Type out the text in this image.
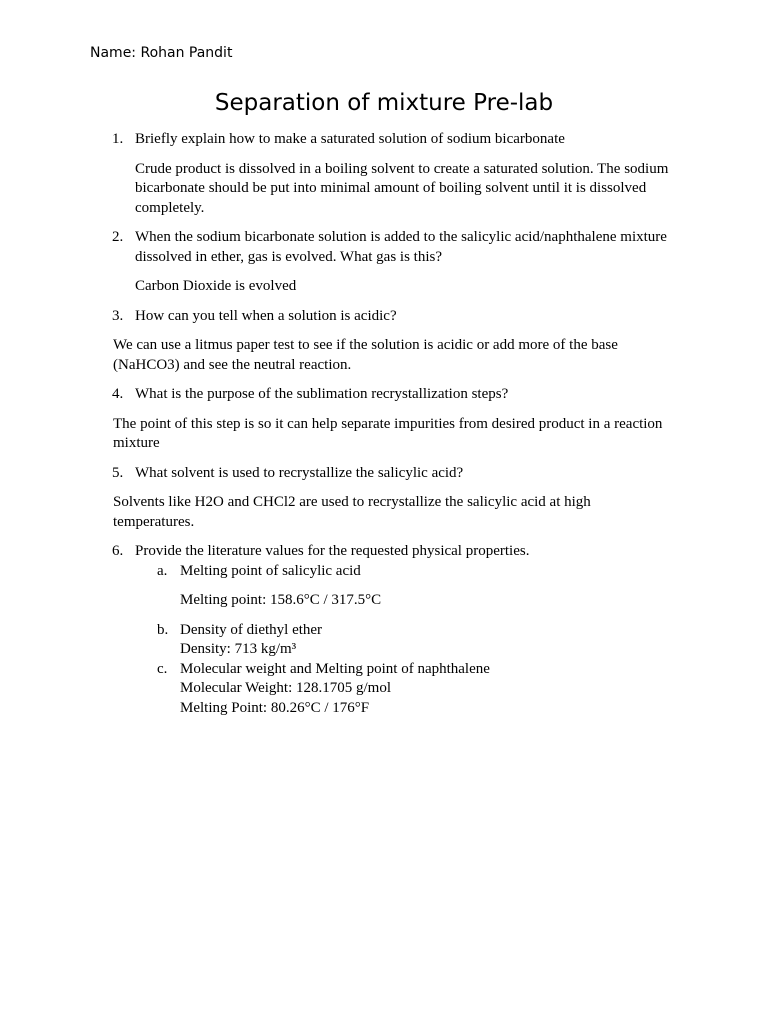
Name: Rohan Pandit
Separation of mixture Pre-lab
1. Briefly explain how to make a saturated solution of sodium bicarbonate
Crude product is dissolved in a boiling solvent to create a saturated solution. The sodium bicarbonate should be put into minimal amount of boiling solvent until it is dissolved completely.
2. When the sodium bicarbonate solution is added to the salicylic acid/naphthalene mixture dissolved in ether, gas is evolved. What gas is this?
Carbon Dioxide is evolved
3. How can you tell when a solution is acidic?
We can use a litmus paper test to see if the solution is acidic or add more of the base (NaHCO3) and see the neutral reaction.
4. What is the purpose of the sublimation recrystallization steps?
The point of this step is so it can help separate impurities from desired product in a reaction mixture
5. What solvent is used to recrystallize the salicylic acid?
Solvents like H2O and CHCl2 are used to recrystallize the salicylic acid at high temperatures.
6. Provide the literature values for the requested physical properties.
a. Melting point of salicylic acid
Melting point: 158.6°C / 317.5°C
b. Density of diethyl ether
Density: 713 kg/m³
c. Molecular weight and Melting point of naphthalene
Molecular Weight: 128.1705 g/mol
Melting Point: 80.26°C / 176°F
